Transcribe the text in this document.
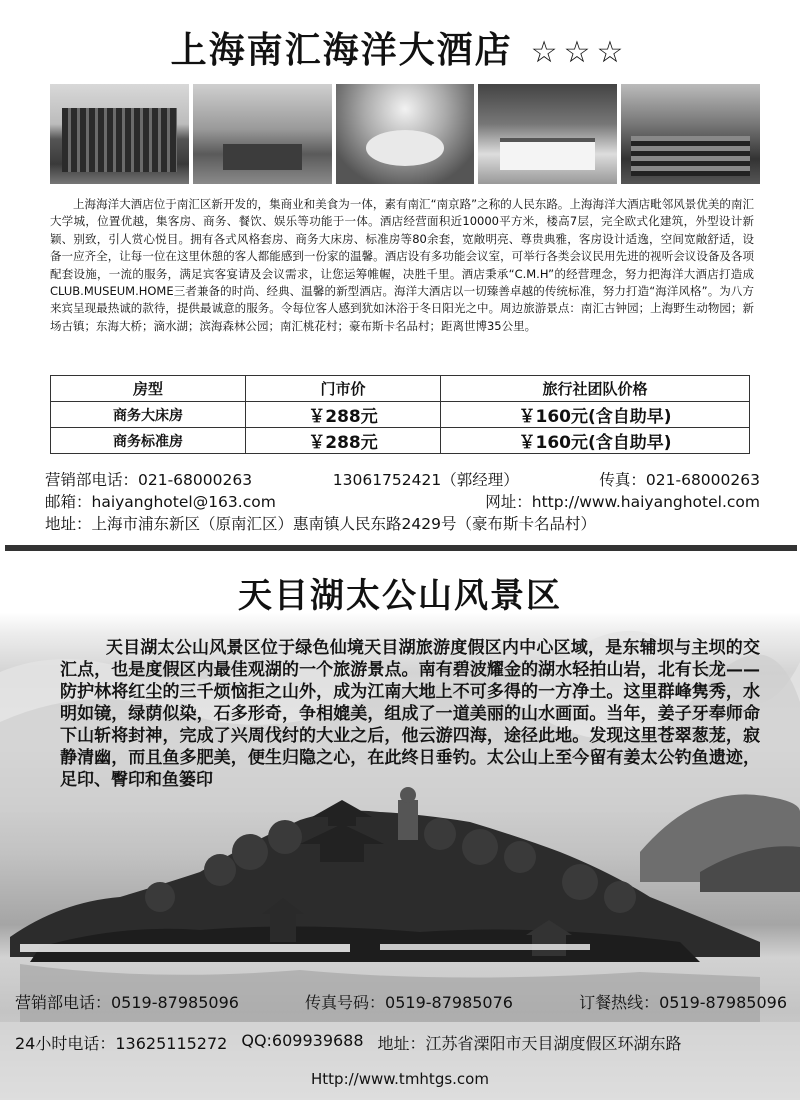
上海南汇海洋大酒店 ☆☆☆

上海海洋大酒店位于南汇区新开发的，集商业和美食为一体，素有南汇“南京路”之称的人民东路。上海海洋大酒店毗邻风景优美的南汇大学城，位置优越，集客房、商务、餐饮、娱乐等功能于一体。酒店经营面积近10000平方米，楼高7层，完全欧式化建筑，外型设计新颖、别致，引人赏心悦目。拥有各式风格套房、商务大床房、标准房等80余套，宽敞明亮、尊贵典雅，客房设计适逸，空间宽敞舒适，设备一应齐全，让每一位在这里休憩的客人都能感到一份家的温馨。酒店设有多功能会议室，可举行各类会议民用先进的视听会议设备及各项配套设施，一流的服务，满足宾客宴请及会议需求，让您运筹帷幄，决胜千里。酒店秉承“C.M.H”的经营理念，努力把海洋大酒店打造成CLUB.MUSEUM.HOME三者兼备的时尚、经典、温馨的新型酒店。海洋大酒店以一切臻善卓越的传统标准，努力打造“海洋风格”。为八方来宾呈现最热诚的款待，提供最诚意的服务。令每位客人感到犹如沐浴于冬日阳光之中。周边旅游景点：南汇古钟园；上海野生动物园；新场古镇；东海大桥；滴水湖；滨海森林公园；南汇桃花村；豪布斯卡名品村；距离世博35公里。

房型	门市价	旅行社团队价格
商务大床房	￥288元	￥160元(含自助早)
商务标准房	￥288元	￥160元(含自助早)
营销部电话：021-68000263	13061752421（郭经理）	传真：021-68000263
邮箱：haiyanghotel@163.com	网址：http://www.haiyanghotel.com
地址：上海市浦东新区（原南汇区）惠南镇人民东路2429号（豪布斯卡名品村）
天目湖太公山风景区

天目湖太公山风景区位于绿色仙境天目湖旅游度假区内中心区域，是东辅坝与主坝的交汇点，也是度假区内最佳观湖的一个旅游景点。南有碧波耀金的湖水轻拍山岩，北有长龙——防护林将红尘的三千烦恼拒之山外，成为江南大地上不可多得的一方净土。这里群峰隽秀，水明如镜，绿荫似染，石多形奇，争相媲美，组成了一道美丽的山水画面。当年，姜子牙奉师命下山斩将封神，完成了兴周伐纣的大业之后，他云游四海，途径此地。发现这里苍翠葱茏，寂静清幽，而且鱼多肥美，便生归隐之心，在此终日垂钓。太公山上至今留有姜太公钓鱼遗迹，足印、臀印和鱼篓印

营销部电话：0519-87985096	传真号码：0519-87985076	订餐热线：0519-87985096
24小时电话：13625115272 QQ:609939688 地址：江苏省溧阳市天目湖度假区环湖东路
Http://www.tmhtgs.com
